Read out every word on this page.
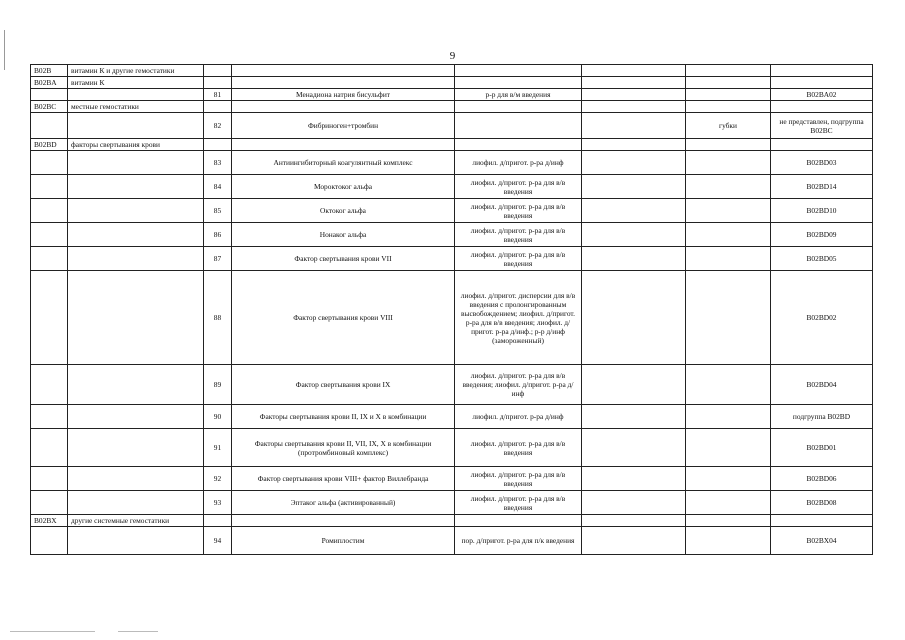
9
B02B	витамин К и другие гемостатики						
B02BA	витамин К						
		81	Менадиона натрия бисульфит	р-р для в/м введения			B02BA02
B02BC	местные гемостатики						
		82	Фибриноген+тромбин			губки	не представлен, подгруппа B02BC
B02BD	факторы свертывания крови						
		83	Антиингибиторный коагулянтный комплекс	лиофил. д/пригот. р-ра д/инф			B02BD03
		84	Мороктоког альфа	лиофил. д/пригот. р-ра для в/в введения			B02BD14
		85	Октоког альфа	лиофил. д/пригот. р-ра для в/в введения			B02BD10
		86	Нонаког альфа	лиофил. д/пригот. р-ра для в/в введения			B02BD09
		87	Фактор свертывания крови VII	лиофил. д/пригот. р-ра для в/в введения			B02BD05
		88	Фактор свертывания крови VIII	лиофил. д/пригот. дисперсии для в/в введения с пролонгированным высвобождением; лиофил. д/пригот. р-ра для в/в введения; лиофил. д/пригот. р-ра д/инф.; р-р д/инф (замороженный)			B02BD02
		89	Фактор свертывания крови IX	лиофил. д/пригот. р-ра для в/в введения; лиофил. д/пригот. р-ра д/инф			B02BD04
		90	Факторы свертывания крови II, IX и X в комбинации	лиофил. д/пригот. р-ра д/инф			подгруппа B02BD
		91	Факторы свертывания крови II, VII, IX, X в комбинации (протромбиновый комплекс)	лиофил. д/пригот. р-ра для в/в введения			B02BD01
		92	Фактор свертывания крови VIII+ фактор Виллебранда	лиофил. д/пригот. р-ра для в/в введения			B02BD06
		93	Эптаког альфа (активированный)	лиофил. д/пригот. р-ра для в/в введения			B02BD08
B02BX	другие системные гемостатики						
		94	Ромиплостим	пор. д/пригот. р-ра для п/к введения			B02BX04
